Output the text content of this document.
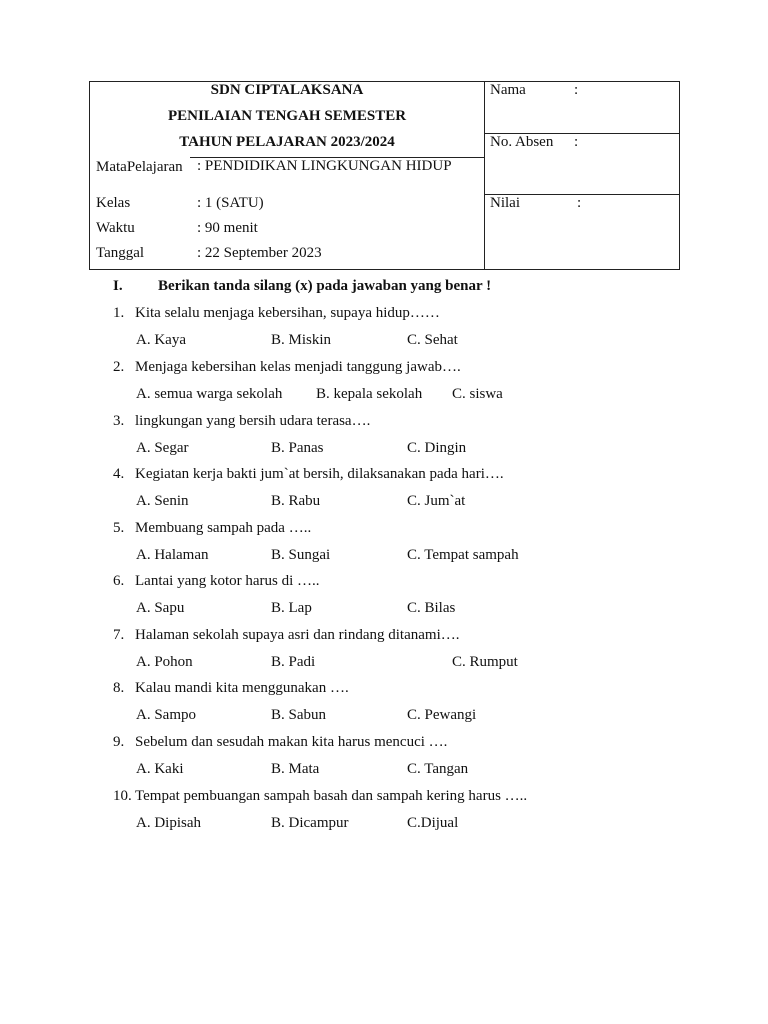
SDN CIPTALAKSANA
PENILAIAN TENGAH SEMESTER
TAHUN PELAJARAN 2023/2024
MataPelajaran : PENDIDIKAN LINGKUNGAN HIDUP
Kelas	: 1 (SATU)
Waktu	: 90 menit
Tanggal	: 22 September 2023
Nama	:
No. Absen :
Nilai	:
I. Berikan tanda silang (x) pada jawaban yang benar !
1. Kita selalu menjaga kebersihan, supaya hidup……
A. Kaya	B. Miskin	C. Sehat
2. Menjaga kebersihan kelas menjadi tanggung jawab….
A. semua warga sekolah B. kepala sekolah C. siswa
3. lingkungan yang bersih udara terasa….
A. Segar	B. Panas	C. Dingin
4. Kegiatan kerja bakti jum`at bersih, dilaksanakan pada hari….
A. Senin	B. Rabu	C. Jum`at
5. Membuang sampah pada …..
A. Halaman	B. Sungai	C. Tempat sampah
6. Lantai yang kotor harus di …..
A. Sapu	B. Lap	C. Bilas
7. Halaman sekolah supaya asri dan rindang ditanami….
A. Pohon	B. Padi	C. Rumput
8. Kalau mandi kita menggunakan ….
A. Sampo	B. Sabun	C. Pewangi
9. Sebelum dan sesudah makan kita harus mencuci ….
A. Kaki	B. Mata	C. Tangan
10. Tempat pembuangan sampah basah dan sampah kering harus …..
A. Dipisah	B. Dicampur	C.Dijual
